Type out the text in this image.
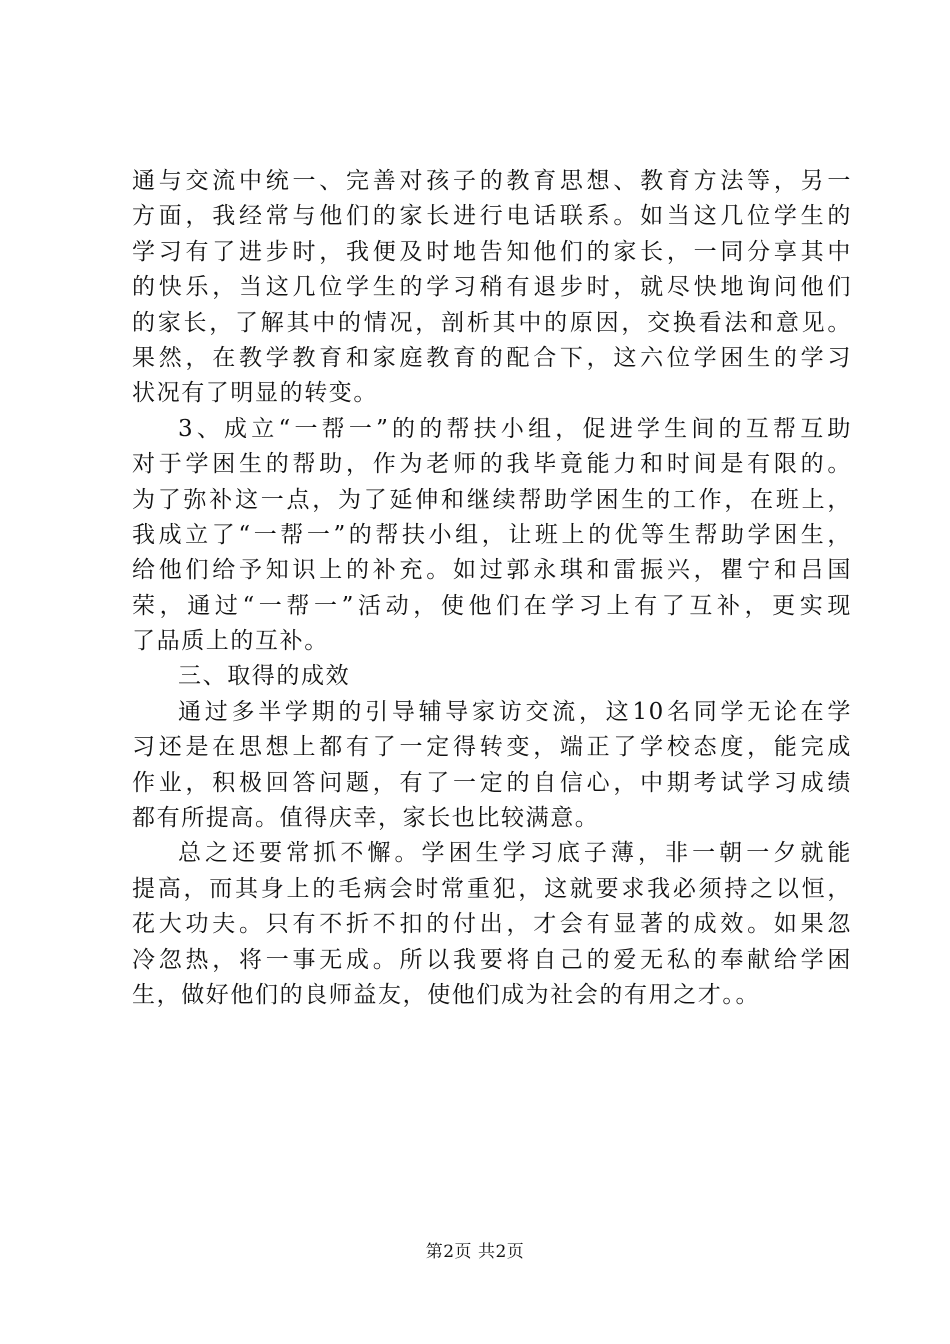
通与交流中统一、完善对孩子的教育思想、教育方法等，另一
方面，我经常与他们的家长进行电话联系。如当这几位学生的
学习有了进步时，我便及时地告知他们的家长，一同分享其中
的快乐，当这几位学生的学习稍有退步时，就尽快地询问他们
的家长，了解其中的情况，剖析其中的原因，交换看法和意见。
果然，在教学教育和家庭教育的配合下，这六位学困生的学习
状况有了明显的转变。
3、成立“一帮一”的的帮扶小组，促进学生间的互帮互助
对于学困生的帮助，作为老师的我毕竟能力和时间是有限的。
为了弥补这一点，为了延伸和继续帮助学困生的工作，在班上，
我成立了“一帮一”的帮扶小组，让班上的优等生帮助学困生，
给他们给予知识上的补充。如过郭永琪和雷振兴，瞿宁和吕国
荣，通过“一帮一”活动，使他们在学习上有了互补，更实现
了品质上的互补。
三、取得的成效
通过多半学期的引导辅导家访交流，这10名同学无论在学
习还是在思想上都有了一定得转变，端正了学校态度，能完成
作业，积极回答问题，有了一定的自信心，中期考试学习成绩
都有所提高。值得庆幸，家长也比较满意。
总之还要常抓不懈。学困生学习底子薄，非一朝一夕就能
提高，而其身上的毛病会时常重犯，这就要求我必须持之以恒，
花大功夫。只有不折不扣的付出，才会有显著的成效。如果忽
冷忽热，将一事无成。所以我要将自己的爱无私的奉献给学困
生，做好他们的良师益友，使他们成为社会的有用之才。。
第2页 共2页
